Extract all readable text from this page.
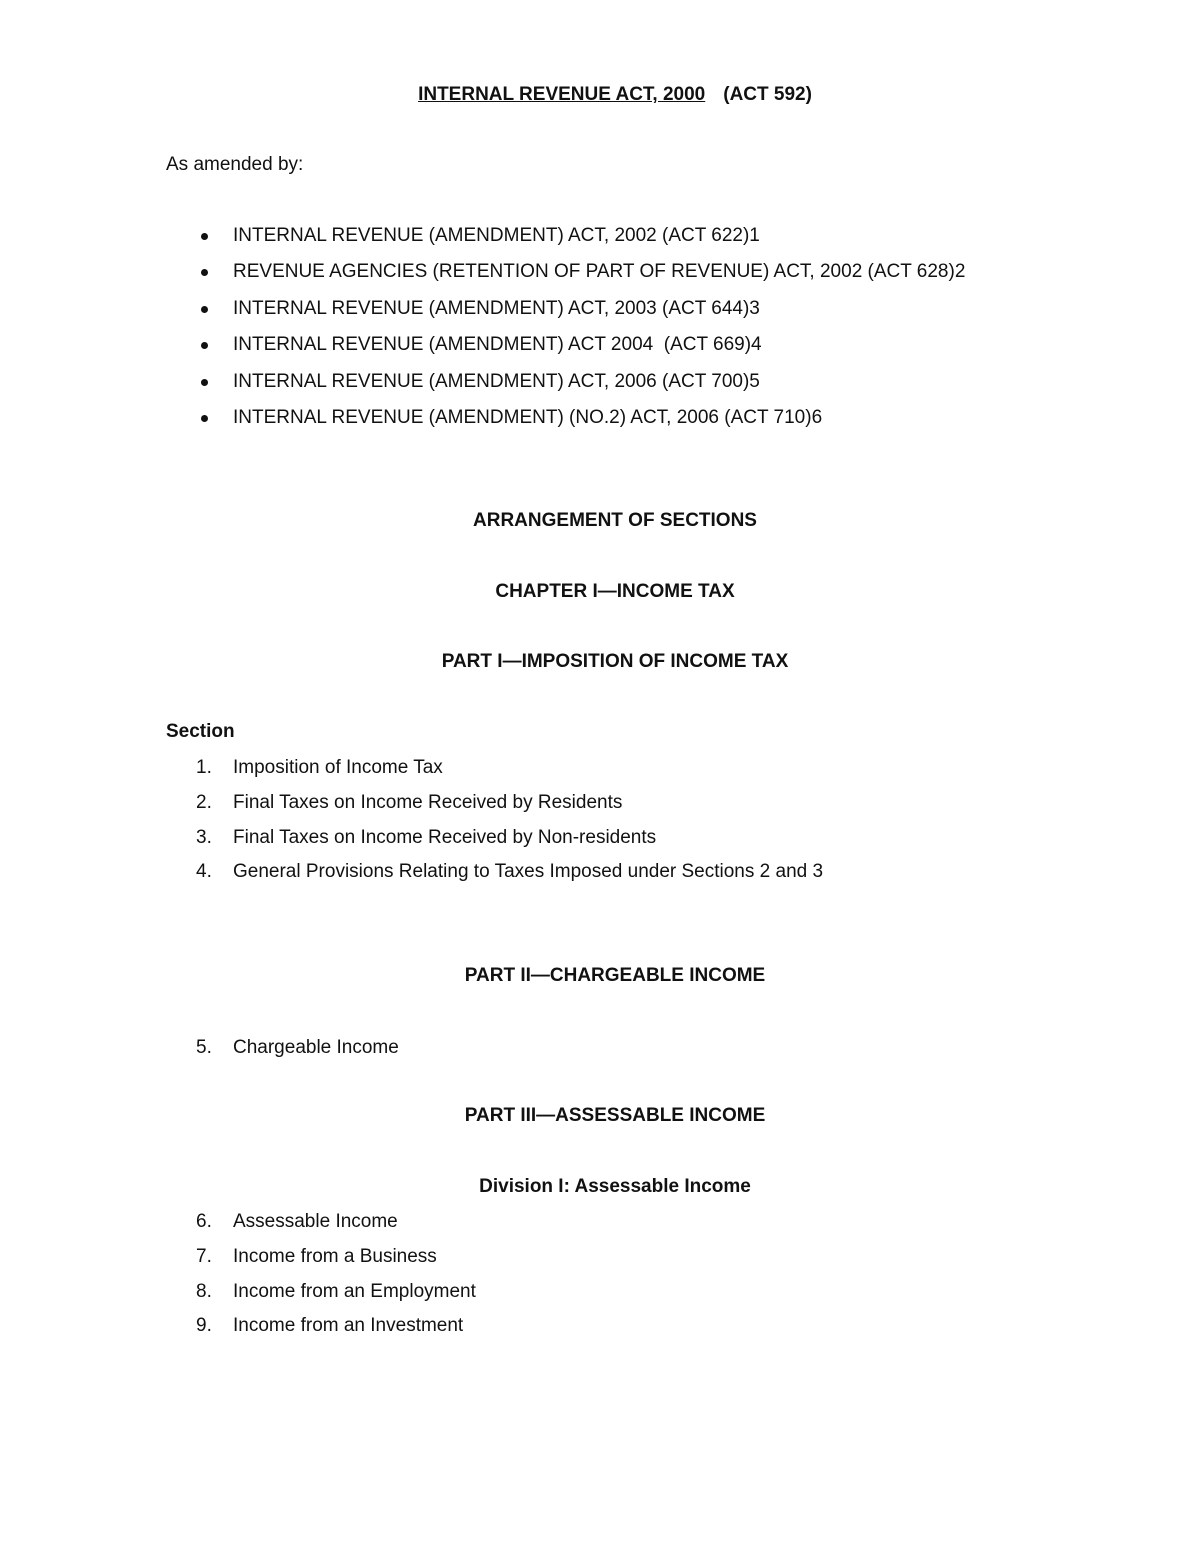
INTERNAL REVENUE ACT, 2000 (ACT 592)
As amended by:
INTERNAL REVENUE (AMENDMENT) ACT, 2002 (ACT 622)1
REVENUE AGENCIES (RETENTION OF PART OF REVENUE) ACT, 2002 (ACT 628)2
INTERNAL REVENUE (AMENDMENT) ACT, 2003 (ACT 644)3
INTERNAL REVENUE (AMENDMENT) ACT 2004  (ACT 669)4
INTERNAL REVENUE (AMENDMENT) ACT, 2006 (ACT 700)5
INTERNAL REVENUE (AMENDMENT) (NO.2) ACT, 2006 (ACT 710)6
ARRANGEMENT OF SECTIONS
CHAPTER I—INCOME TAX
PART I—IMPOSITION OF INCOME TAX
Section
1. Imposition of Income Tax
2. Final Taxes on Income Received by Residents
3. Final Taxes on Income Received by Non-residents
4. General Provisions Relating to Taxes Imposed under Sections 2 and 3
PART II—CHARGEABLE INCOME
5. Chargeable Income
PART III—ASSESSABLE INCOME
Division I: Assessable Income
6. Assessable Income
7. Income from a Business
8. Income from an Employment
9. Income from an Investment
